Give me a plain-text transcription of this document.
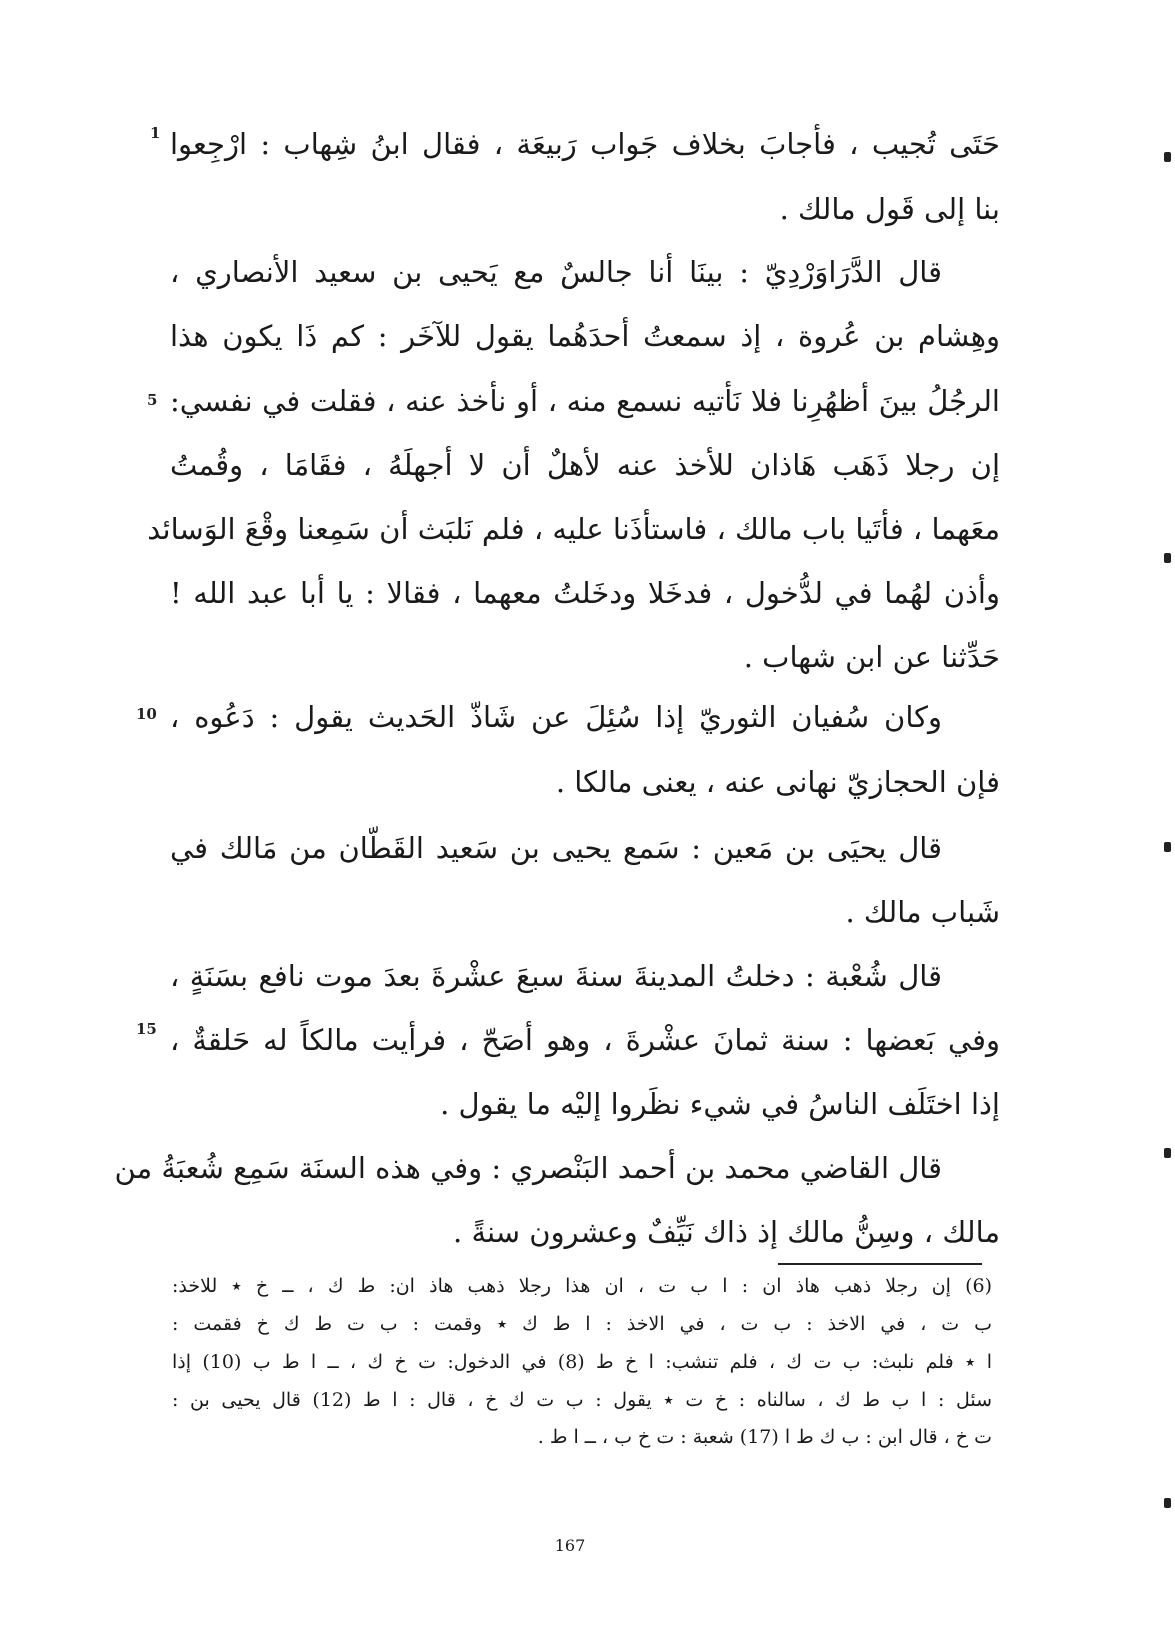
1
5
10
15
حَتَى تُجيب ، فأجابَ بخلاف جَواب رَبيعَة ، فقال ابنُ شِهاب : ارْجِعوا
بنا إلى قَول مالك .
قال الدَّرَاوَرْدِيّ : بينَا أنا جالسٌ مع يَحيى بن سعيد الأنصاري ،
وهِشام بن عُروة ، إذ سمعتُ أحدَهُما يقول للآخَر : كم ذَا يكون هذا
الرجُلُ بينَ أظهُرِنا فلا نَأتيه نسمع منه ، أو نأخذ عنه ، فقلت في نفسي:
إن رجلا ذَهَب هَاذان للأخذ عنه لأهلٌ أن لا أجهلَهُ ، فقَامَا ، وقُمتُ
معَهما ، فأتَيا باب مالك ، فاستأذَنا عليه ، فلم نَلبَث أن سَمِعنا وقْعَ الوَسائد
وأذن لهُما في لدُّخول ، فدخَلا ودخَلتُ معهما ، فقالا : يا أبا عبد الله !
حَدِّثنا عن ابن شهاب .
وكان سُفيان الثوريّ إذا سُئِلَ عن شَاذّ الحَديث يقول : دَعُوه ،
فإن الحجازيّ نهانى عنه ، يعنى مالكا .
قال يحيَى بن مَعين : سَمع يحيى بن سَعيد القَطّان من مَالك في
شَباب مالك .
قال شُعْبة : دخلتُ المدينةَ سنةَ سبعَ عشْرةَ بعدَ موت نافع بسَنَةٍ ،
وفي بَعضها : سنة ثمانَ عشْرةَ ، وهو أصَحّ ، فرأيت مالكاً له حَلقةٌ ،
إذا اختَلَف الناسُ في شيء نظَروا إليْه ما يقول .
قال القاضي محمد بن أحمد البَنْصري : وفي هذه السنَة سَمِع شُعبَةُ من
مالك ، وسِنُّ مالك إذ ذاك نَيِّفٌ وعشرون سنةً .
(6) إن رجلا ذهب هاذ ان : ا ب ت ، ان هذا رجلا ذهب هاذ ان: ط ك ، ــ خ ٭ للاخذ:
ب ت ، في الاخذ : ب ت ، في الاخذ : ا ط ك ٭ وقمت : ب ت ط ك خ فقمت :
ا ٭ فلم نلبث: ب ت ك ، فلم تنشب: ا خ ط (8) في الدخول: ت خ ك ، ــ ا ط ب (10) إذا
سئل : ا ب ط ك ، سالناه : خ ت ٭ يقول : ب ت ك خ ، قال : ا ط (12) قال يحيى بن :
ت خ ، قال ابن : ب ك ط ا (17) شعبة : ت خ ب ، ــ ا ط .
167
